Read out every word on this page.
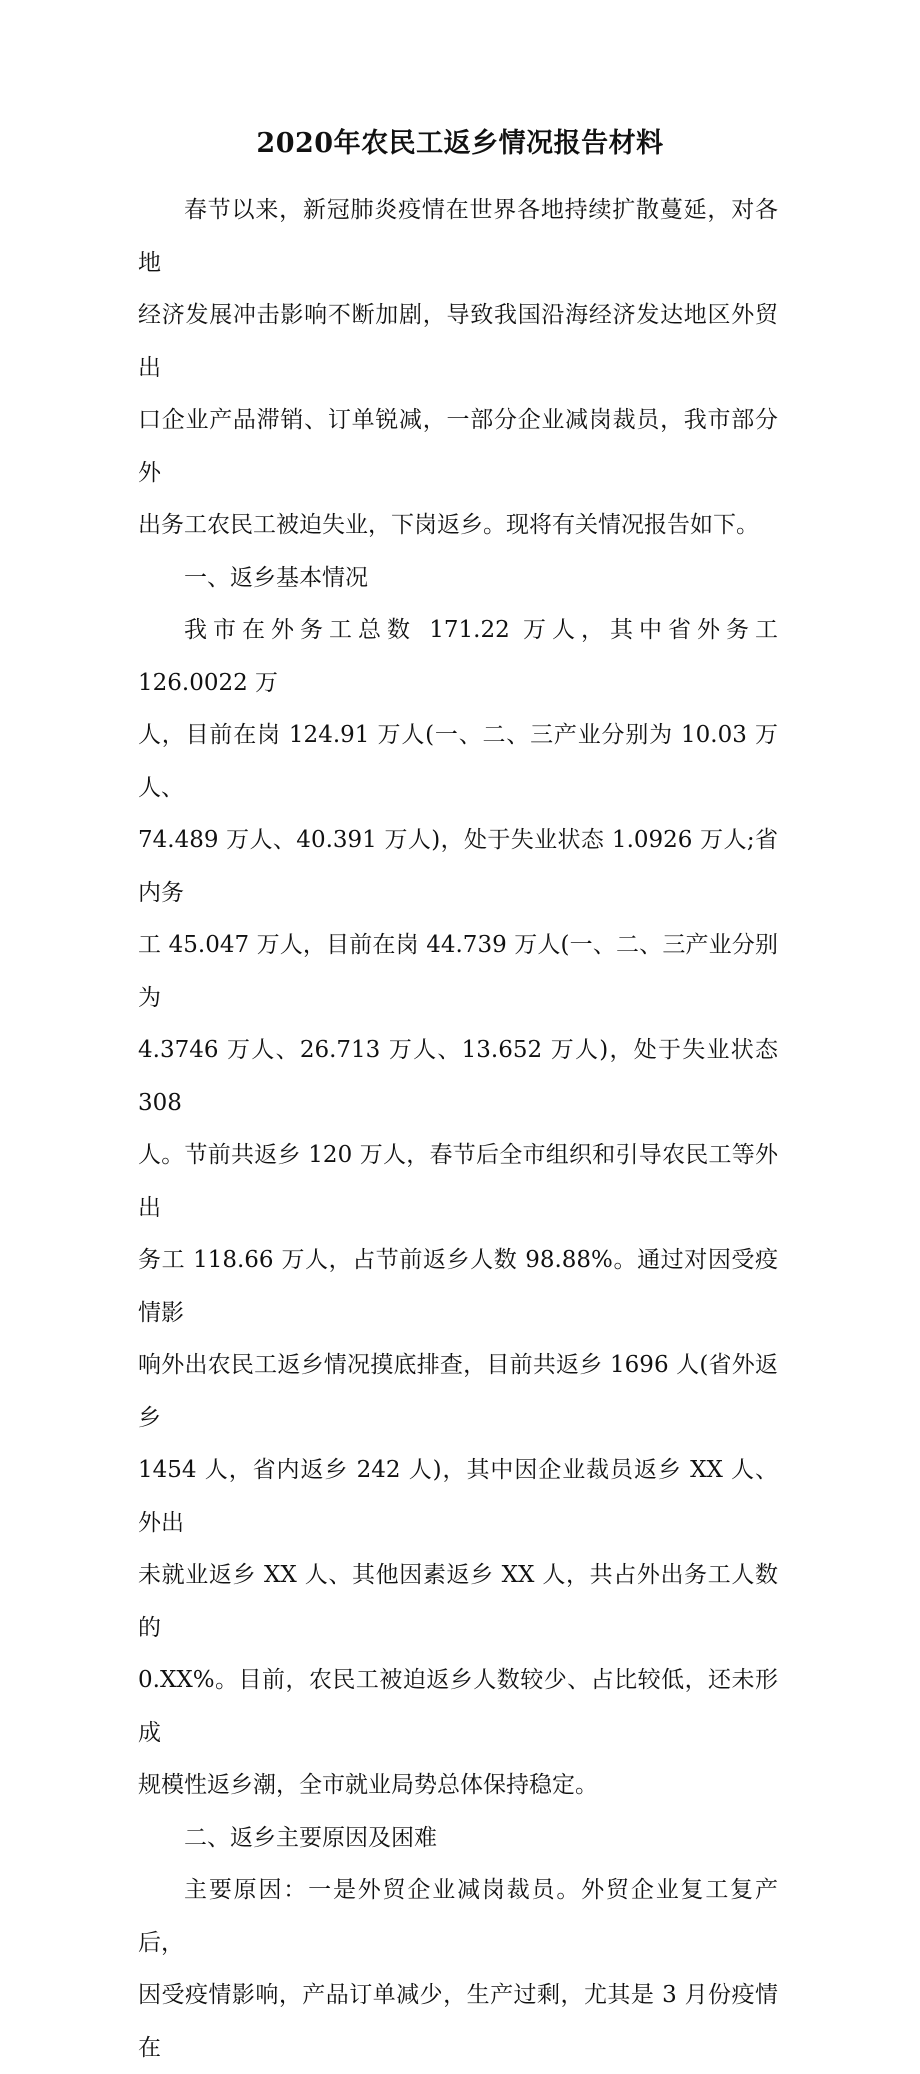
2020年农民工返乡情况报告材料

春节以来，新冠肺炎疫情在世界各地持续扩散蔓延，对各地
经济发展冲击影响不断加剧，导致我国沿海经济发达地区外贸出
口企业产品滞销、订单锐减，一部分企业减岗裁员，我市部分外
出务工农民工被迫失业，下岗返乡。现将有关情况报告如下。

一、返乡基本情况

我市在外务工总数 171.22 万人，其中省外务工 126.0022 万
人，目前在岗 124.91 万人(一、二、三产业分别为 10.03 万人、
74.489 万人、40.391 万人)，处于失业状态 1.0926 万人;省内务
工 45.047 万人，目前在岗 44.739 万人(一、二、三产业分别为
4.3746 万人、26.713 万人、13.652 万人)，处于失业状态 308
人。节前共返乡 120 万人，春节后全市组织和引导农民工等外出
务工 118.66 万人，占节前返乡人数 98.88%。通过对因受疫情影
响外出农民工返乡情况摸底排查，目前共返乡 1696 人(省外返乡
1454 人，省内返乡 242 人)，其中因企业裁员返乡 XX 人、外出
未就业返乡 XX 人、其他因素返乡 XX 人，共占外出务工人数的
0.XX%。目前，农民工被迫返乡人数较少、占比较低，还未形成
规模性返乡潮，全市就业局势总体保持稳定。

二、返乡主要原因及困难

主要原因：一是外贸企业减岗裁员。外贸企业复工复产后，
因受疫情影响，产品订单减少，生产过剩，尤其是 3 月份疫情在
